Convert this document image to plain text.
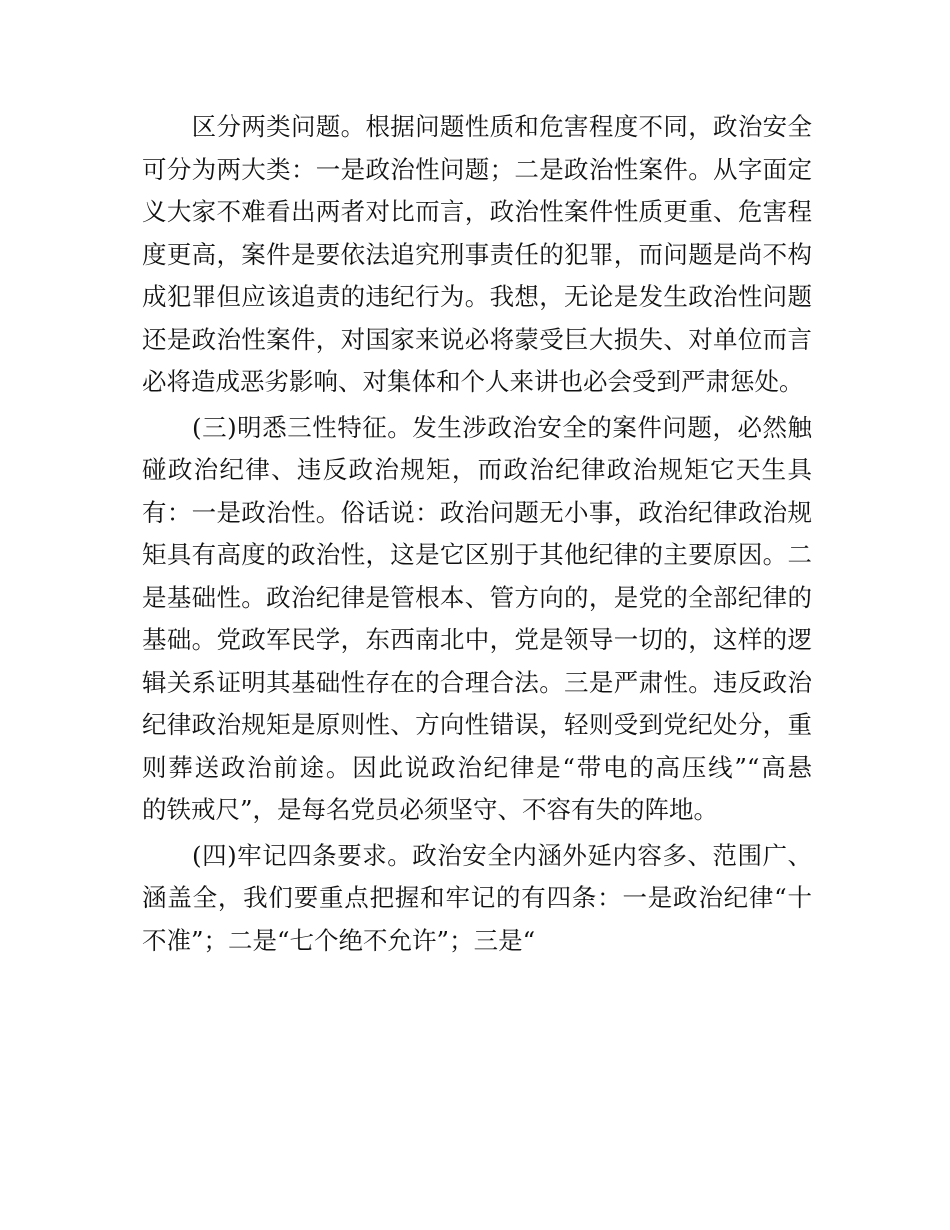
　　区分两类问题。根据问题性质和危害程度不同，政治安全
可分为两大类：一是政治性问题；二是政治性案件。从字面定
义大家不难看出两者对比而言，政治性案件性质更重、危害程
度更高，案件是要依法追究刑事责任的犯罪，而问题是尚不构
成犯罪但应该追责的违纪行为。我想，无论是发生政治性问题
还是政治性案件，对国家来说必将蒙受巨大损失、对单位而言
必将造成恶劣影响、对集体和个人来讲也必会受到严肃惩处。
　　(三)明悉三性特征。发生涉政治安全的案件问题，必然触
碰政治纪律、违反政治规矩，而政治纪律政治规矩它天生具
有：一是政治性。俗话说：政治问题无小事，政治纪律政治规
矩具有高度的政治性，这是它区别于其他纪律的主要原因。二
是基础性。政治纪律是管根本、管方向的，是党的全部纪律的
基础。党政军民学，东西南北中，党是领导一切的，这样的逻
辑关系证明其基础性存在的合理合法。三是严肃性。违反政治
纪律政治规矩是原则性、方向性错误，轻则受到党纪处分，重
则葬送政治前途。因此说政治纪律是“带电的高压线”“高悬
的铁戒尺”，是每名党员必须坚守、不容有失的阵地。
　　(四)牢记四条要求。政治安全内涵外延内容多、范围广、
涵盖全，我们要重点把握和牢记的有四条：一是政治纪律“十
不准”；二是“七个绝不允许”；三是“
